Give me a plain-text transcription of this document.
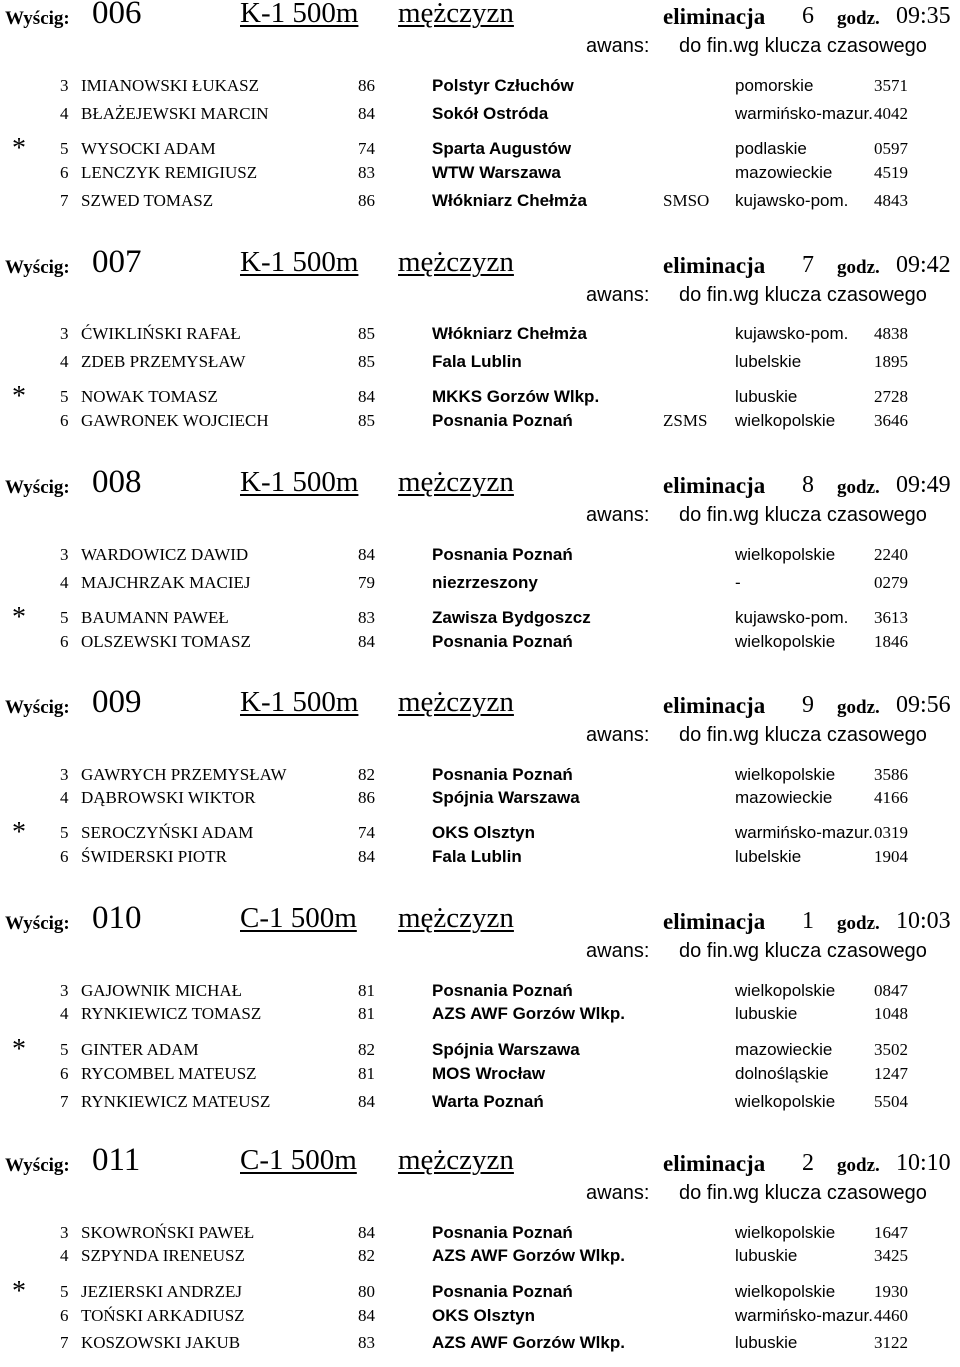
Wyścig: 006	K-1 500m mężczyzn	eliminacja 6 godz. 09:35
awans: do fin.wg klucza czasowego
3 IMIANOWSKI ŁUKASZ	86	Polstyr Człuchów	pomorskie	3571
4 BŁAŻEJEWSKI MARCIN	84	Sokół Ostróda	warmińsko-mazur. 4042
* 5 WYSOCKI ADAM	74	Sparta Augustów	podlaskie	0597
6 LENCZYK REMIGIUSZ	83	WTW Warszawa	mazowieckie 4519
7 SZWED TOMASZ	86	Włókniarz Chełmża	SMSO kujawsko-pom. 4843
Wyścig: 007	K-1 500m mężczyzn	eliminacja 7 godz. 09:42
awans: do fin.wg klucza czasowego
3 ĆWIKLIŃSKI RAFAŁ	85	Włókniarz Chełmża	kujawsko-pom. 4838
4 ZDEB PRZEMYSŁAW	85	Fala Lublin	lubelskie	1895
* 5 NOWAK TOMASZ	84	MKKS Gorzów Wlkp.	lubuskie	2728
6 GAWRONEK WOJCIECH	85	Posnania Poznań	ZSMS wielkopolskie 3646
Wyścig: 008	K-1 500m mężczyzn	eliminacja 8 godz. 09:49
awans: do fin.wg klucza czasowego
3 WARDOWICZ DAWID	84	Posnania Poznań	wielkopolskie 2240
4 MAJCHRZAK MACIEJ	79	niezrzeszony	-	0279
* 5 BAUMANN PAWEŁ	83	Zawisza Bydgoszcz	kujawsko-pom. 3613
6 OLSZEWSKI TOMASZ	84	Posnania Poznań	wielkopolskie 1846
Wyścig: 009	K-1 500m mężczyzn	eliminacja 9 godz. 09:56
awans: do fin.wg klucza czasowego
3 GAWRYCH PRZEMYSŁAW	82	Posnania Poznań	wielkopolskie 3586
4 DĄBROWSKI WIKTOR	86	Spójnia Warszawa	mazowieckie 4166
* 5 SEROCZYŃSKI ADAM	74	OKS Olsztyn	warmińsko-mazur. 0319
6 ŚWIDERSKI PIOTR	84	Fala Lublin	lubelskie	1904
Wyścig: 010	C-1 500m mężczyzn	eliminacja 1 godz. 10:03
awans: do fin.wg klucza czasowego
3 GAJOWNIK MICHAŁ	81	Posnania Poznań	wielkopolskie 0847
4 RYNKIEWICZ TOMASZ	81	AZS AWF Gorzów Wlkp.	lubuskie	1048
* 5 GINTER ADAM	82	Spójnia Warszawa	mazowieckie 3502
6 RYCOMBEL MATEUSZ	81	MOS Wrocław	dolnośląskie	1247
7 RYNKIEWICZ MATEUSZ	84	Warta Poznań	wielkopolskie 5504
Wyścig: 011	C-1 500m mężczyzn	eliminacja 2 godz. 10:10
awans: do fin.wg klucza czasowego
3 SKOWROŃSKI PAWEŁ	84	Posnania Poznań	wielkopolskie 1647
4 SZPYNDA IRENEUSZ	82	AZS AWF Gorzów Wlkp.	lubuskie	3425
* 5 JEZIERSKI ANDRZEJ	80	Posnania Poznań	wielkopolskie 1930
6 TOŃSKI ARKADIUSZ	84	OKS Olsztyn	warmińsko-mazur. 4460
7 KOSZOWSKI JAKUB	83	AZS AWF Gorzów Wlkp.	lubuskie	3122
